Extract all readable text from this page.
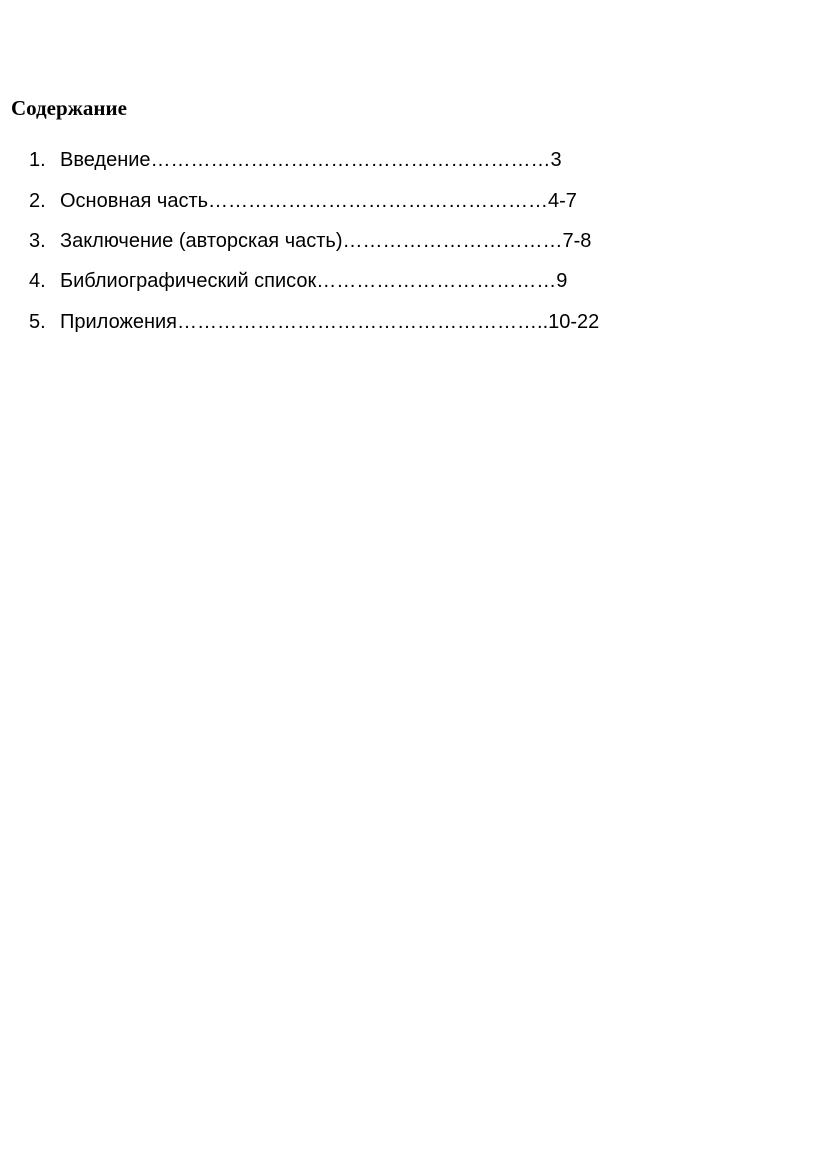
Содержание
1. Введение……………………………………………………3
2. Основная часть……………………………………………4-7
3. Заключение (авторская часть)……………………………7-8
4. Библиографический список………………………………9
5. Приложения………………………………………………..10-22
